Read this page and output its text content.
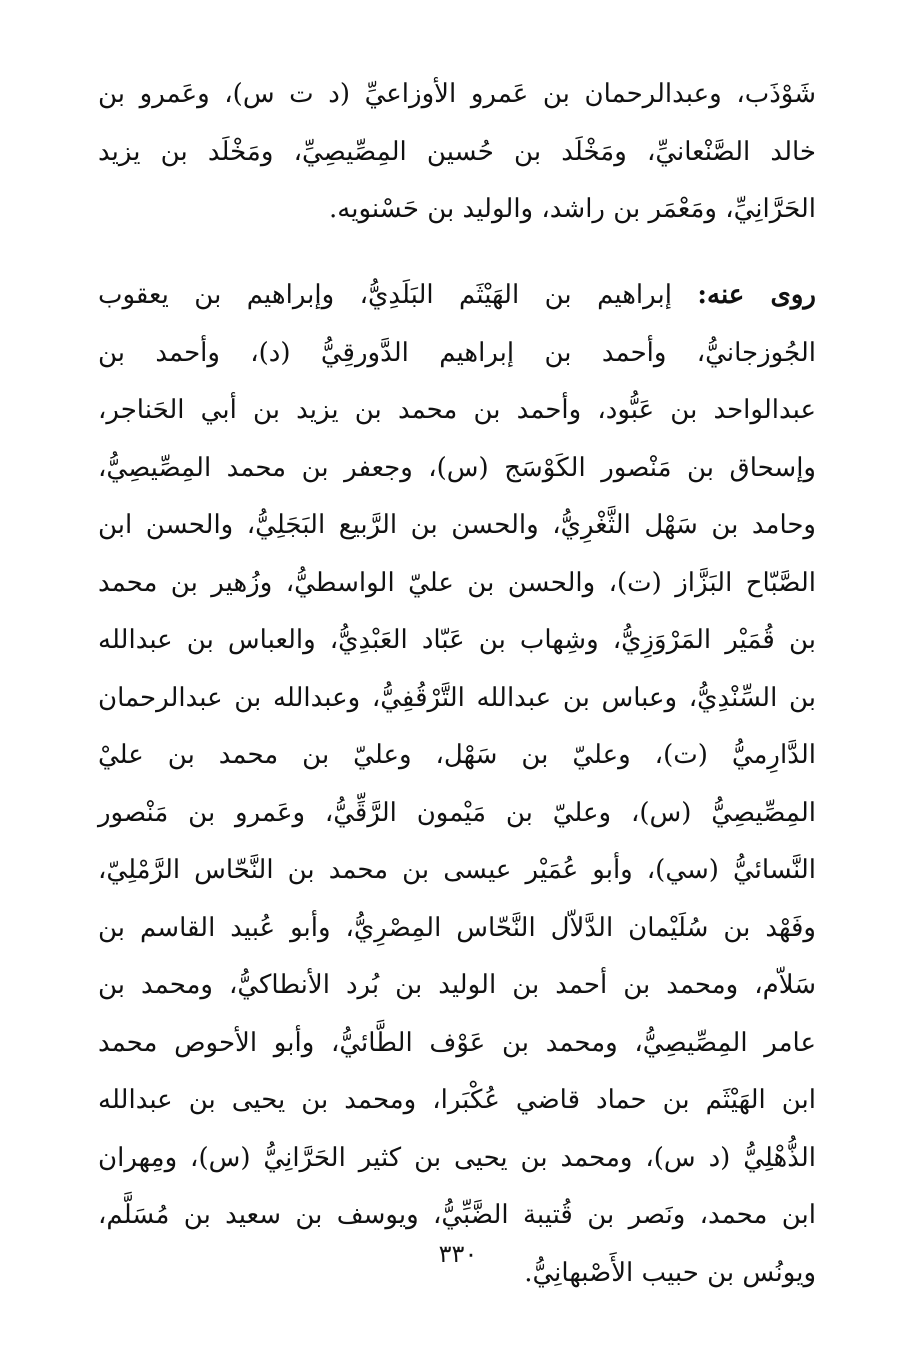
شَوْذَب، وعبدالرحمان بن عَمرو الأوزاعيِّ (د ت س)، وعَمرو بن
خالد الصَّنْعانيِّ، ومَخْلَد بن حُسين المِصِّيصِيِّ، ومَخْلَد بن يزيد
الحَرَّانِيِّ، ومَعْمَر بن راشد، والوليد بن حَسْنويه.
روى عنه: إبراهيم بن الهَيْثَم البَلَدِيُّ، وإبراهيم بن يعقوب
الجُوزجانيُّ، وأحمد بن إبراهيم الدَّورقِيُّ (د)، وأحمد بن
عبدالواحد بن عَبُّود، وأحمد بن محمد بن يزيد بن أبي الحَناجر،
وإسحاق بن مَنْصور الكَوْسَج (س)، وجعفر بن محمد المِصِّيصِيُّ،
وحامد بن سَهْل الثَّغْرِيُّ، والحسن بن الرَّبيع البَجَلِيُّ، والحسن ابن
الصَّبّاح البَزَّاز (ت)، والحسن بن عليّ الواسطيُّ، وزُهير بن محمد
بن قُمَيْر المَرْوَزِيُّ، وشِهاب بن عَبّاد العَبْدِيُّ، والعباس بن عبدالله
بن السِّنْدِيُّ، وعباس بن عبدالله التَّرْقُفِيُّ، وعبدالله بن عبدالرحمان
الدَّارِميُّ (ت)، وعليّ بن سَهْل، وعليّ بن محمد بن عليْ
المِصِّيصِيُّ (س)، وعليّ بن مَيْمون الرَّقِّيُّ، وعَمرو بن مَنْصور
النَّسائيُّ (سي)، وأبو عُمَيْر عيسى بن محمد بن النَّحّاس الرَّمْلِيّ،
وفَهْد بن سُلَيْمان الدَّلاّل النَّحّاس المِصْرِيُّ، وأبو عُبيد القاسم بن
سَلاّم، ومحمد بن أحمد بن الوليد بن بُرد الأنطاكيُّ، ومحمد بن
عامر المِصِّيصِيُّ، ومحمد بن عَوْف الطَّائيُّ، وأبو الأحوص محمد
ابن الهَيْثَم بن حماد قاضي عُكْبَرا، ومحمد بن يحيى بن عبدالله
الذُّهْلِيُّ (د س)، ومحمد بن يحيى بن كثير الحَرَّانِيُّ (س)، ومِهران
ابن محمد، ونَصر بن قُتيبة الضَّبِّيُّ، ويوسف بن سعيد بن مُسَلَّم،
ويونُس بن حبيب الأَصْبهانِيُّ.
٣٣٠
